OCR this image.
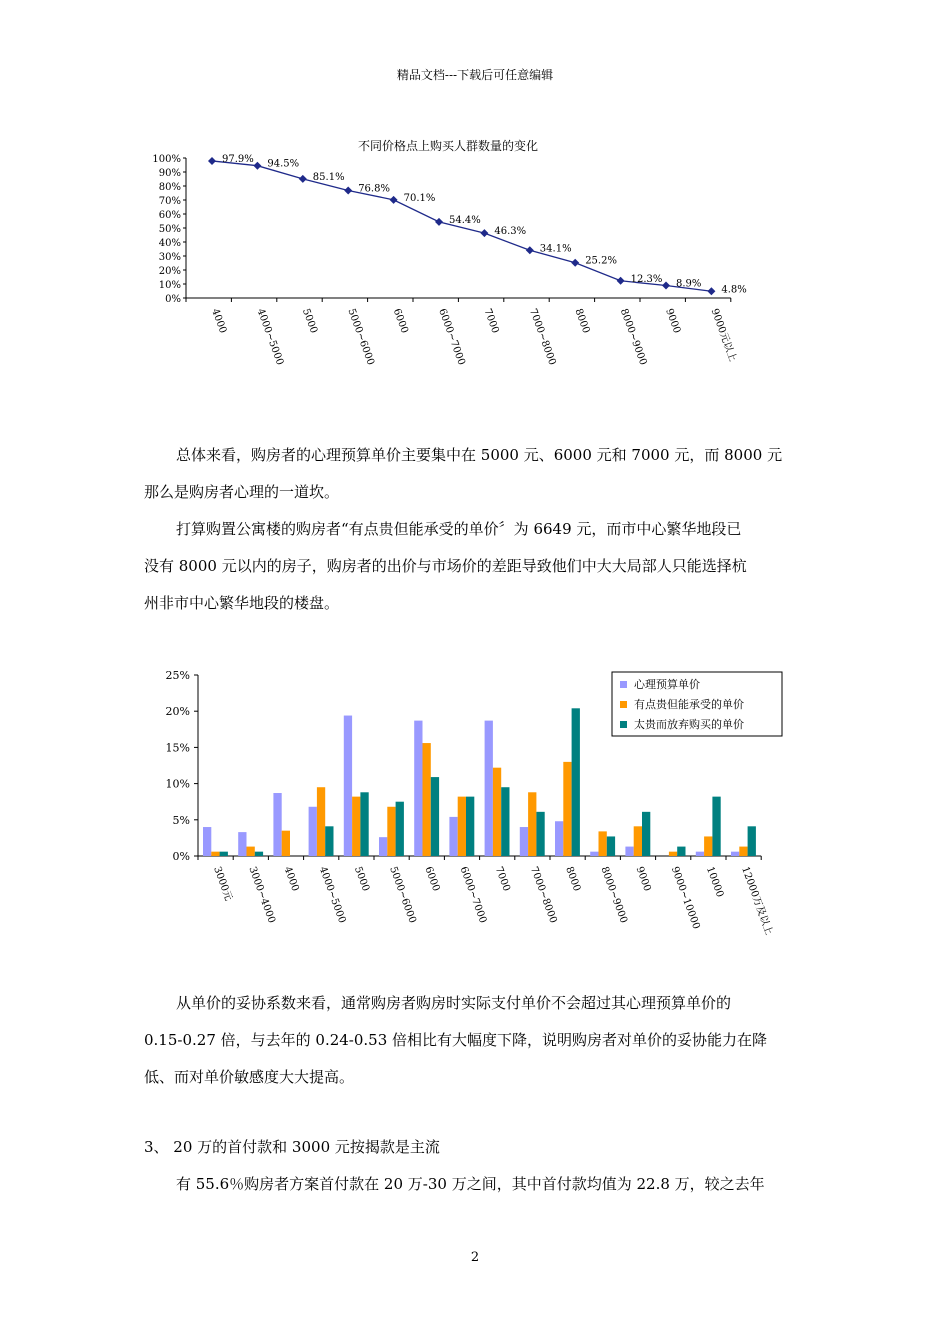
精品文档---下载后可任意编辑
不同价格点上购买人群数量的变化
0%
10%
20%
30%
40%
50%
60%
70%
80%
90%
100%	97.9% 94.5%
85.1%
76.8%
70.1%
54.4%
46.3%
34.1%
25.2%
12.3% 8.9%
4.8%
4000	4000~5000 5000	5000~6000 6000	6000~7000 7000	7000~8000 8000	8000~9000 9000	9000元以上
总体来看，购房者的心理预算单价主要集中在 5000 元、6000 元和 7000 元，而 8000 元
那么是购房者心理的一道坎。
打算购置公寓楼的购房者“有点贵但能承受的单价〞为 6649 元，而市中心繁华地段已
没有 8000 元以内的房子，购房者的出价与市场价的差距导致他们中大大局部人只能选择杭
州非市中心繁华地段的楼盘。
0%
5%
10%
15%
20%
25%
3000元 3000~4000 4000 4000~5000 5000 5000~6000 6000 6000~7000 7000 7000~8000 8000 8000~9000 9000 9000~10000 10000 12000万及以上
心理预算单价
有点贵但能承受的单价
太贵而放弃购买的单价
从单价的妥协系数来看，通常购房者购房时实际支付单价不会超过其心理预算单价的
0.15-0.27 倍，与去年的 0.24-0.53 倍相比有大幅度下降，说明购房者对单价的妥协能力在降
低、而对单价敏感度大大提高。
3、 20 万的首付款和 3000 元按揭款是主流
有 55.6％购房者方案首付款在 20 万-30 万之间，其中首付款均值为 22.8 万，较之去年
2
